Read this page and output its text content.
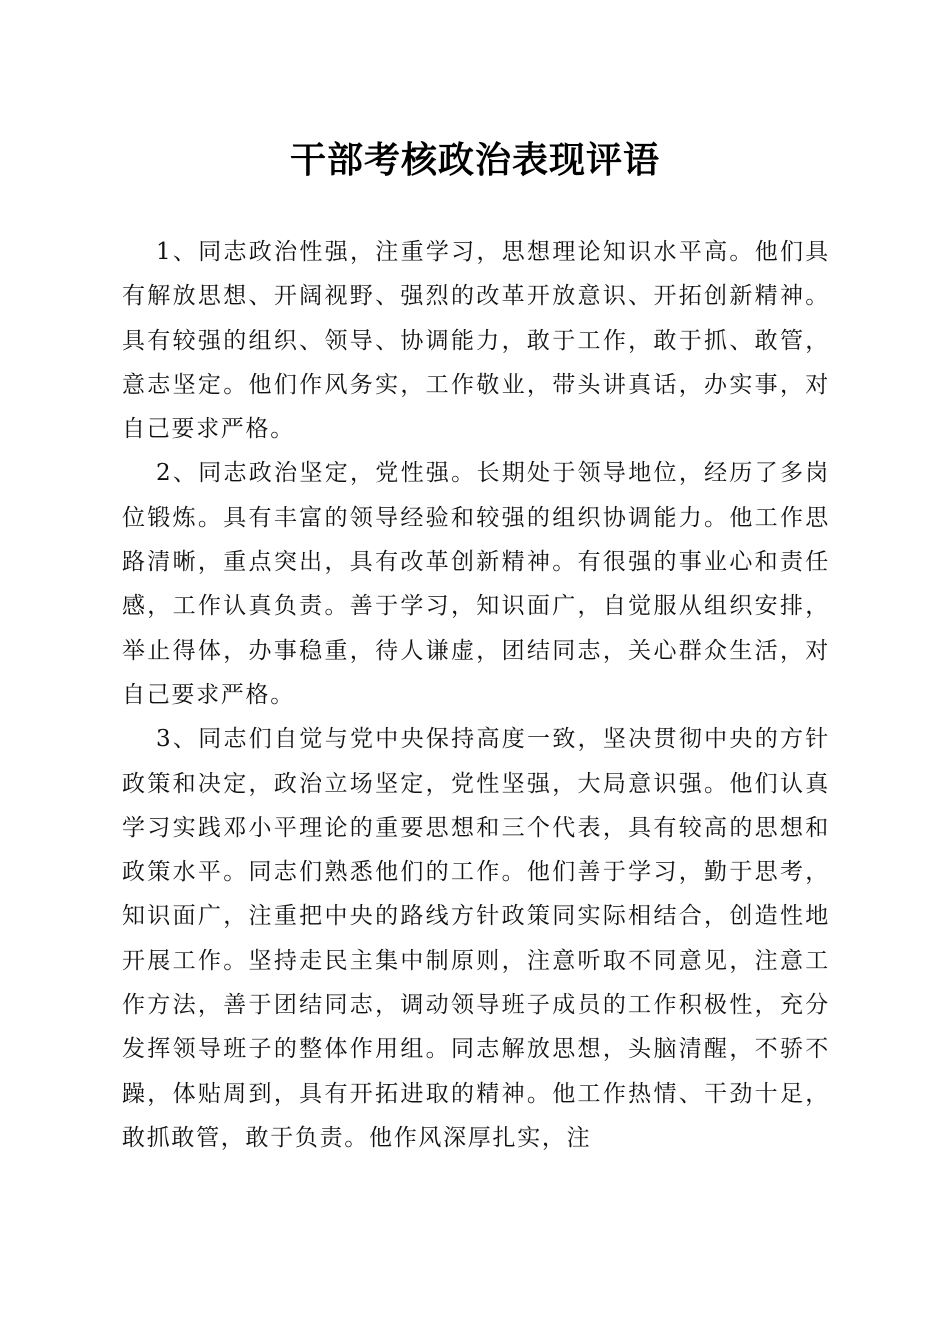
干部考核政治表现评语

1、同志政治性强，注重学习，思想理论知识水平高。他们具有解放思想、开阔视野、强烈的改革开放意识、开拓创新精神。具有较强的组织、领导、协调能力，敢于工作，敢于抓、敢管，意志坚定。他们作风务实，工作敬业，带头讲真话，办实事，对自己要求严格。

2、同志政治坚定，党性强。长期处于领导地位，经历了多岗位锻炼。具有丰富的领导经验和较强的组织协调能力。他工作思路清晰，重点突出，具有改革创新精神。有很强的事业心和责任感，工作认真负责。善于学习，知识面广，自觉服从组织安排，举止得体，办事稳重，待人谦虚，团结同志，关心群众生活，对自己要求严格。

3、同志们自觉与党中央保持高度一致，坚决贯彻中央的方针政策和决定，政治立场坚定，党性坚强，大局意识强。他们认真学习实践邓小平理论的重要思想和三个代表，具有较高的思想和政策水平。同志们熟悉他们的工作。他们善于学习，勤于思考，知识面广，注重把中央的路线方针政策同实际相结合，创造性地开展工作。坚持走民主集中制原则，注意听取不同意见，注意工作方法，善于团结同志，调动领导班子成员的工作积极性，充分发挥领导班子的整体作用组。同志解放思想，头脑清醒，不骄不躁，体贴周到，具有开拓进取的精神。他工作热情、干劲十足，敢抓敢管，敢于负责。他作风深厚扎实，注
